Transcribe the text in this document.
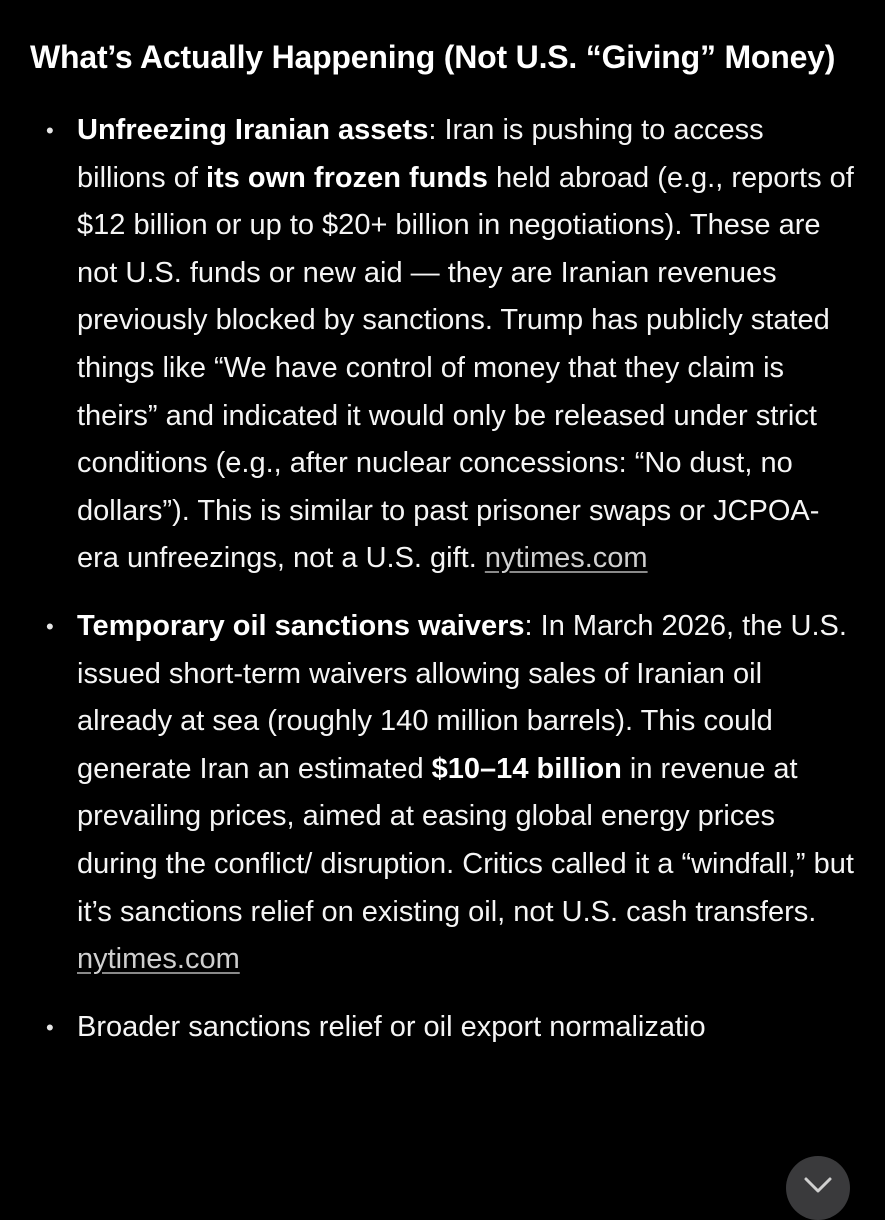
What’s Actually Happening (Not U.S. “Giving” Money)
• Unfreezing Iranian assets: Iran is pushing to access billions of its own frozen funds held abroad (e.g., reports of $12 billion or up to $20+ billion in negotiations). These are not U.S. funds or new aid — they are Iranian revenues previously blocked by sanctions. Trump has publicly stated things like “We have control of money that they claim is theirs” and indicated it would only be released under strict conditions (e.g., after nuclear concessions: “No dust, no dollars”). This is similar to past prisoner swaps or JCPOA-era unfreezings, not a U.S. gift. nytimes.com
• Temporary oil sanctions waivers: In March 2026, the U.S. issued short-term waivers allowing sales of Iranian oil already at sea (roughly 140 million barrels). This could generate Iran an estimated $10–14 billion in revenue at prevailing prices, aimed at easing global energy prices during the conflict/ disruption. Critics called it a “windfall,” but it’s sanctions relief on existing oil, not U.S. cash transfers. nytimes.com
• Broader sanctions relief or oil export normalizatio
